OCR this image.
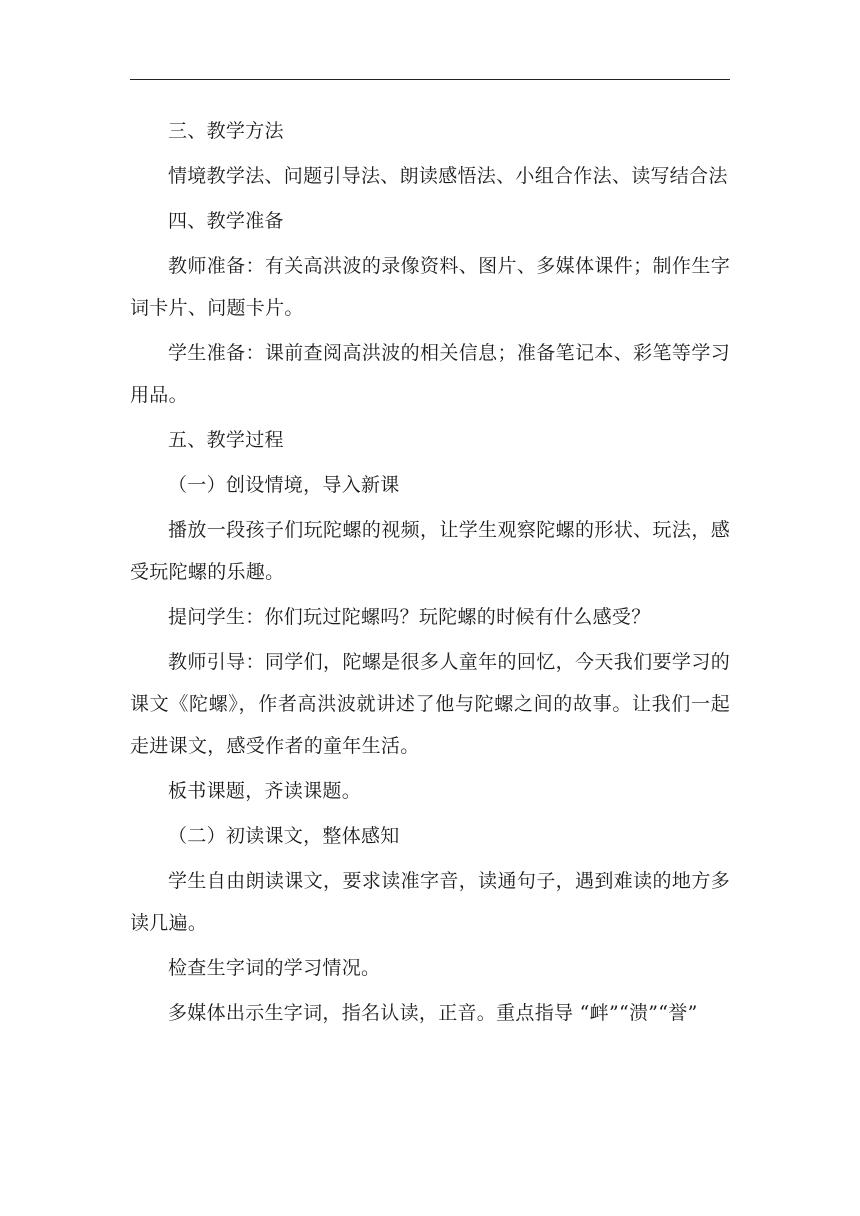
三、教学方法

情境教学法、问题引导法、朗读感悟法、小组合作法、读写结合法

四、教学准备

教师准备：有关高洪波的录像资料、图片、多媒体课件；制作生字词卡片、问题卡片。

学生准备：课前查阅高洪波的相关信息；准备笔记本、彩笔等学习用品。

五、教学过程

（一）创设情境，导入新课

播放一段孩子们玩陀螺的视频，让学生观察陀螺的形状、玩法，感受玩陀螺的乐趣。

提问学生：你们玩过陀螺吗？玩陀螺的时候有什么感受？

教师引导：同学们，陀螺是很多人童年的回忆，今天我们要学习的课文《陀螺》，作者高洪波就讲述了他与陀螺之间的故事。让我们一起走进课文，感受作者的童年生活。

板书课题，齐读课题。

（二）初读课文，整体感知

学生自由朗读课文，要求读准字音，读通句子，遇到难读的地方多读几遍。

检查生字词的学习情况。

多媒体出示生字词，指名认读，正音。重点指导 “衅”“溃”“誉”
